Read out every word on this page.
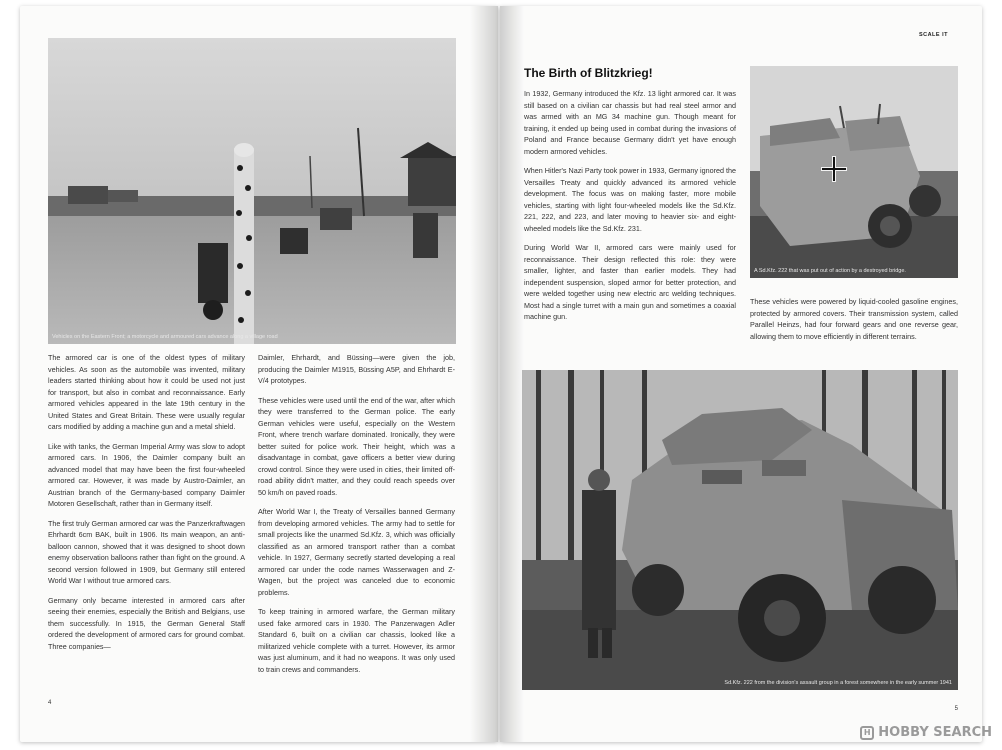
Vehicles on the Eastern Front; a motorcycle and armoured cars advance along a village road

The armored car is one of the oldest types of military vehicles. As soon as the automobile was invented, military leaders started thinking about how it could be used not just for transport, but also in combat and reconnaissance. Early armored vehicles appeared in the late 19th century in the United States and Great Britain. These were usually regular cars modified by adding a machine gun and a metal shield.

Like with tanks, the German Imperial Army was slow to adopt armored cars. In 1906, the Daimler company built an advanced model that may have been the first four-wheeled armored car. However, it was made by Austro-Daimler, an Austrian branch of the Germany-based company Daimler Motoren Gesellschaft, rather than in Germany itself.

The first truly German armored car was the Panzerkraftwagen Ehrhardt 6cm BAK, built in 1906. Its main weapon, an anti-balloon cannon, showed that it was designed to shoot down enemy observation balloons rather than fight on the ground. A second version followed in 1909, but Germany still entered World War I without true armored cars.

Germany only became interested in armored cars after seeing their enemies, especially the British and Belgians, use them successfully. In 1915, the German General Staff ordered the development of armored cars for ground combat. Three companies—

Daimler, Ehrhardt, and Büssing—were given the job, producing the Daimler M1915, Büssing A5P, and Ehrhardt E-V/4 prototypes.

These vehicles were used until the end of the war, after which they were transferred to the German police. The early German vehicles were useful, especially on the Western Front, where trench warfare dominated. Ironically, they were better suited for police work. Their height, which was a disadvantage in combat, gave officers a better view during crowd control. Since they were used in cities, their limited off-road ability didn't matter, and they could reach speeds over 50 km/h on paved roads.

After World War I, the Treaty of Versailles banned Germany from developing armored vehicles. The army had to settle for small projects like the unarmed Sd.Kfz. 3, which was officially classified as an armored transport rather than a combat vehicle. In 1927, Germany secretly started developing a real armored car under the code names Wasserwagen and Z-Wagen, but the project was canceled due to economic problems.

To keep training in armored warfare, the German military used fake armored cars in 1930. The Panzerwagen Adler Standard 6, built on a civilian car chassis, looked like a militarized vehicle complete with a turret. However, its armor was just aluminum, and it had no weapons. It was only used to train crews and commanders.

4
SCALE IT
The Birth of Blitzkrieg!

In 1932, Germany introduced the Kfz. 13 light armored car. It was still based on a civilian car chassis but had real steel armor and was armed with an MG 34 machine gun. Though meant for training, it ended up being used in combat during the invasions of Poland and France because Germany didn't yet have enough modern armored vehicles.

When Hitler's Nazi Party took power in 1933, Germany ignored the Versailles Treaty and quickly advanced its armored vehicle development. The focus was on making faster, more mobile vehicles, starting with light four-wheeled models like the Sd.Kfz. 221, 222, and 223, and later moving to heavier six- and eight-wheeled models like the Sd.Kfz. 231.

During World War II, armored cars were mainly used for reconnaissance. Their design reflected this role: they were smaller, lighter, and faster than earlier models. They had independent suspension, sloped armor for better protection, and were welded together using new electric arc welding techniques. Most had a single turret with a main gun and sometimes a coaxial machine gun.

A Sd.Kfz. 222 that was put out of action by a destroyed bridge.

These vehicles were powered by liquid-cooled gasoline engines, protected by armored covers. Their transmission system, called Parallel Heinzs, had four forward gears and one reverse gear, allowing them to move efficiently in different terrains.

Sd.Kfz. 222 from the division's assault group in a forest somewhere in the early summer 1941
5
H HOBBY SEARCH
